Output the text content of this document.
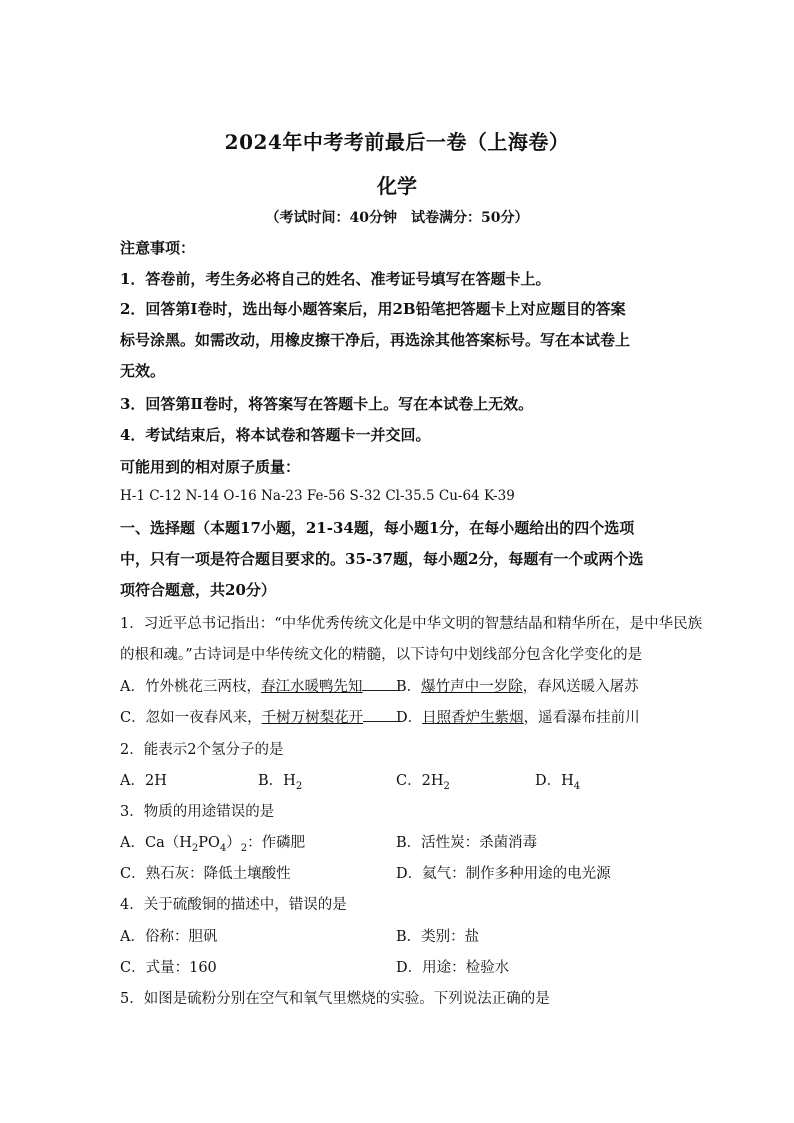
2024年中考考前最后一卷（上海卷）
化学
（考试时间：40分钟　试卷满分：50分）
注意事项：
1．答卷前，考生务必将自己的姓名、准考证号填写在答题卡上。
2．回答第Ⅰ卷时，选出每小题答案后，用2B铅笔把答题卡上对应题目的答案
标号涂黑。如需改动，用橡皮擦干净后，再选涂其他答案标号。写在本试卷上
无效。
3．回答第Ⅱ卷时，将答案写在答题卡上。写在本试卷上无效。
4．考试结束后，将本试卷和答题卡一并交回。
可能用到的相对原子质量：
H-1 C-12 N-14 O-16 Na-23 Fe-56 S-32 Cl-35.5 Cu-64 K-39
一、选择题（本题17小题，21-34题，每小题1分，在每小题给出的四个选项
中，只有一项是符合题目要求的。35-37题，每小题2分，每题有一个或两个选
项符合题意，共20分）
1．习近平总书记指出：“中华优秀传统文化是中华文明的智慧结晶和精华所在，是中华民族
的根和魂。”古诗词是中华传统文化的精髓，以下诗句中划线部分包含化学变化的是
A．竹外桃花三两枝，春江水暖鸭先知	B．爆竹声中一岁除，春风送暖入屠苏
C．忽如一夜春风来，千树万树梨花开	D．日照香炉生紫烟，遥看瀑布挂前川
2．能表示2个氢分子的是
A．2H	B．$H_2$	C．$2H_2$	D．$H_4$
3．物质的用途错误的是
A．$Ca(H_2PO_4)_2$：作磷肥	B．活性炭：杀菌消毒
C．熟石灰：降低土壤酸性	D．氦气：制作多种用途的电光源
4．关于硫酸铜的描述中，错误的是
A．俗称：胆矾	B．类别：盐
C．式量：160	D．用途：检验水
5．如图是硫粉分别在空气和氧气里燃烧的实验。下列说法正确的是
